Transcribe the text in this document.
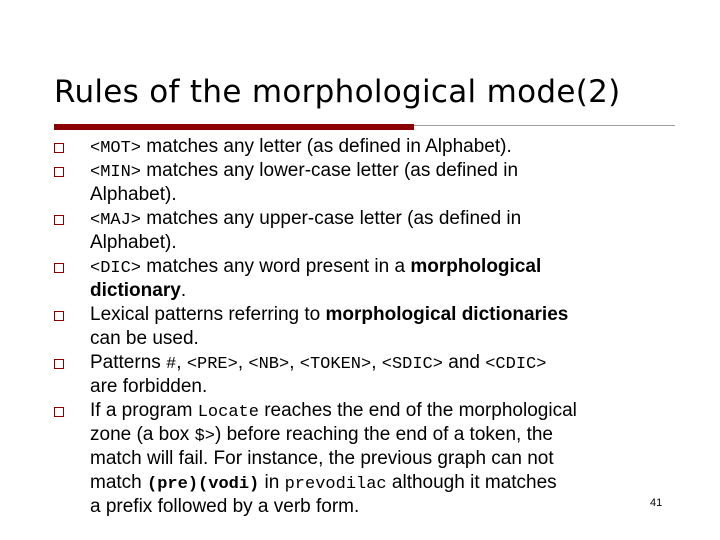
Rules of the morphological mode(2)
<MOT> matches any letter (as defined in Alphabet).
<MIN> matches any lower-case letter (as defined in
Alphabet).
<MAJ> matches any upper-case letter (as defined in
Alphabet).
<DIC> matches any word present in a morphological
dictionary.
Lexical patterns referring to morphological dictionaries
can be used.
Patterns #, <PRE>, <NB>, <TOKEN>, <SDIC> and <CDIC>
are forbidden.
If a program Locate reaches the end of the morphological
zone (a box $>) before reaching the end of a token, the
match will fail. For instance, the previous graph can not
match (pre)(vodi) in prevodilac although it matches
a prefix followed by a verb form.	41
